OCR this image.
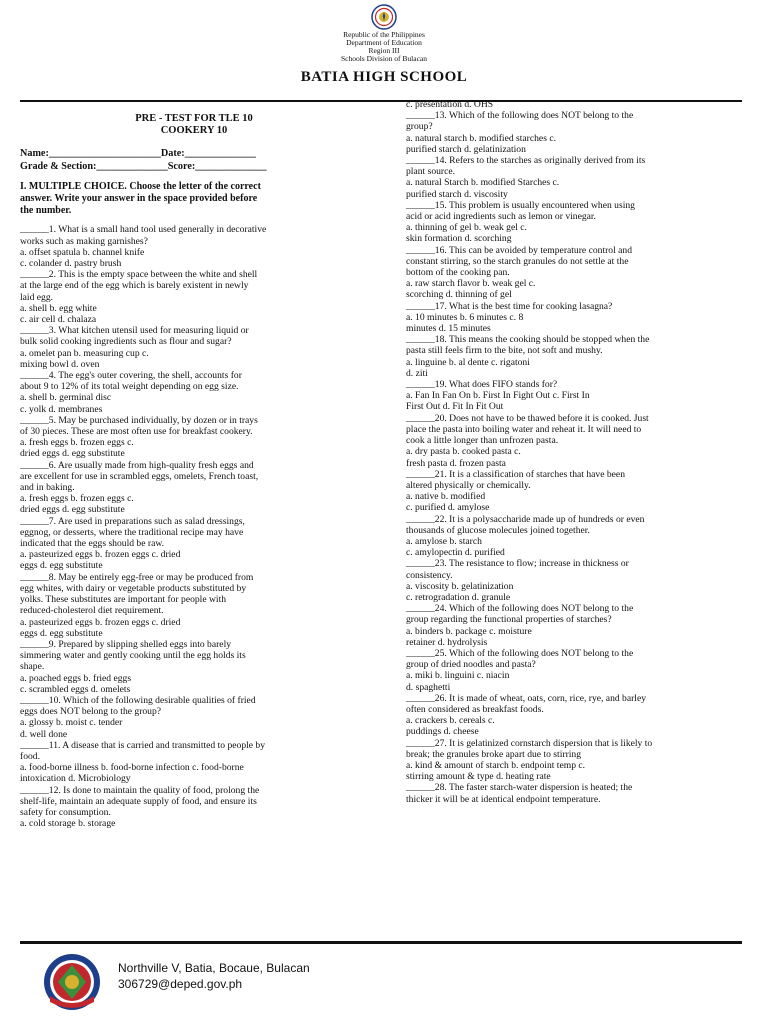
Republic of the Philippines
Department of Education
Region III
Schools Division of Bulacan
BATIA HIGH SCHOOL

PRE - TEST FOR TLE 10

COOKERY 10

Name:______________________Date:______________

Grade & Section:______________Score:______________

I. MULTIPLE CHOICE. Choose the letter of the correct

answer. Write your answer in the space provided before

the number.

______1. What is a small hand tool used generally in decorative

works such as making garnishes?

a. offset spatula b. channel knife

c. colander d. pastry brush

______2. This is the empty space between the white and shell

at the large end of the egg which is barely existent in newly

laid egg.

a. shell b. egg white

c. air cell d. chalaza

______3. What kitchen utensil used for measuring liquid or

bulk solid cooking ingredients such as flour and sugar?

a. omelet pan b. measuring cup c.

mixing bowl d. oven

______4. The egg's outer covering, the shell, accounts for

about 9 to 12% of its total weight depending on egg size.

a. shell b. germinal disc

c. yolk d. membranes

______5. May be purchased individually, by dozen or in trays

of 30 pieces. These are most often use for breakfast cookery.

a. fresh eggs b. frozen eggs c.

dried eggs d. egg substitute

______6. Are usually made from high-quality fresh eggs and

are excellent for use in scrambled eggs, omelets, French toast,

and in baking.

a. fresh eggs b. frozen eggs c.

dried eggs d. egg substitute

______7. Are used in preparations such as salad dressings,

eggnog, or desserts, where the traditional recipe may have

indicated that the eggs should be raw.

a. pasteurized eggs b. frozen eggs c. dried

eggs d. egg substitute

______8. May be entirely egg-free or may be produced from

egg whites, with dairy or vegetable products substituted by

yolks. These substitutes are important for people with

reduced-cholesterol diet requirement.

a. pasteurized eggs b. frozen eggs c. dried

eggs d. egg substitute

______9. Prepared by slipping shelled eggs into barely

simmering water and gently cooking until the egg holds its

shape.

a. poached eggs b. fried eggs

c. scrambled eggs d. omelets

______10. Which of the following desirable qualities of fried

eggs does NOT belong to the group?

a. glossy b. moist c. tender

d. well done

______11. A disease that is carried and transmitted to people by

food.

a. food-borne illness b. food-borne infection c. food-borne

intoxication d. Microbiology

______12. Is done to maintain the quality of food, prolong the

shelf-life, maintain an adequate supply of food, and ensure its

safety for consumption.

a. cold storage b. storage

c. presentation d. OHS

______13. Which of the following does NOT belong to the

group?

a. natural starch b. modified starches c.

purified starch d. gelatinization

______14. Refers to the starches as originally derived from its

plant source.

a. natural Starch b. modified Starches c.

purified starch d. viscosity

______15. This problem is usually encountered when using

acid or acid ingredients such as lemon or vinegar.

a. thinning of gel b. weak gel c.

skin formation d. scorching

______16. This can be avoided by temperature control and

constant stirring, so the starch granules do not settle at the

bottom of the cooking pan.

a. raw starch flavor b. weak gel c.

scorching d. thinning of gel

______17. What is the best time for cooking lasagna?

a. 10 minutes b. 6 minutes c. 8

minutes d. 15 minutes

______18. This means the cooking should be stopped when the

pasta still feels firm to the bite, not soft and mushy.

a. linguine b. al dente c. rigatoni

d. ziti

______19. What does FIFO stands for?

a. Fan In Fan On b. First In Fight Out c. First In

First Out d. Fit In Fit Out

______20. Does not have to be thawed before it is cooked. Just

place the pasta into boiling water and reheat it. It will need to

cook a little longer than unfrozen pasta.

a. dry pasta b. cooked pasta c.

fresh pasta d. frozen pasta

______21. It is a classification of starches that have been

altered physically or chemically.

a. native b. modified

c. purified d. amylose

______22. It is a polysaccharide made up of hundreds or even

thousands of glucose molecules joined together.

a. amylose b. starch

c. amylopectin d. purified

______23. The resistance to flow; increase in thickness or

consistency.

a. viscosity b. gelatinization

c. retrogradation d. granule

______24. Which of the following does NOT belong to the

group regarding the functional properties of starches?

a. binders b. package c. moisture

retainer d. hydrolysis

______25. Which of the following does NOT belong to the

group of dried noodles and pasta?

a. miki b. linguini c. niacin

d. spaghetti

______26. It is made of wheat, oats, corn, rice, rye, and barley

often considered as breakfast foods.

a. crackers b. cereals c.

puddings d. cheese

______27. It is gelatinized cornstarch dispersion that is likely to

break; the granules broke apart due to stirring

a. kind & amount of starch b. endpoint temp c.

stirring amount & type d. heating rate

______28. The faster starch-water dispersion is heated; the

thicker it will be at identical endpoint temperature.

Northville V, Batia, Bocaue, Bulacan
306729@deped.gov.ph
